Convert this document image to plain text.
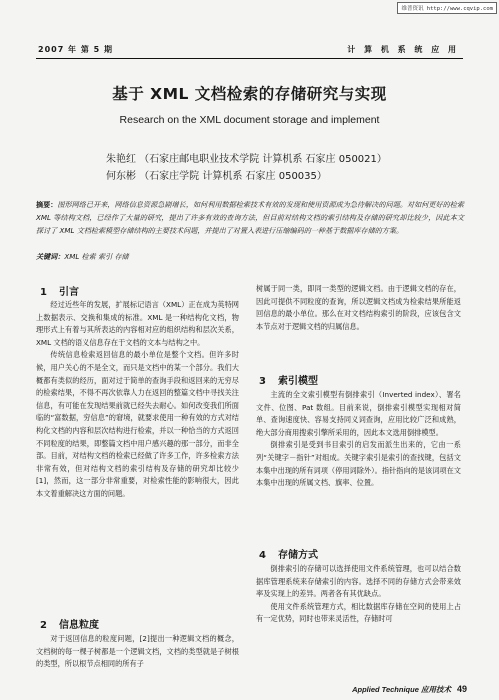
维普资讯 http://www.cqvip.com
2007 年 第 5 期	计 算 机 系 统 应 用
基于 XML 文档检索的存储研究与实现
Research on the XML document storage and implement
朱艳红 （石家庄邮电职业技术学院 计算机系 石家庄 050021）
何东彬 （石家庄学院 计算机系 石家庄 050035）
摘要：图形网络已开来，网络信息资源急剧增长，如何利用数据检索技术有效的发现和使用资源成为急待解决的问题。对如何更好的检索 XML 等结构文档，已经作了大量的研究，提出了许多有效的查询方法，但目前对结构文档的索引结构及存储的研究却比较少，因此本文探讨了 XML 文档检索模型存储结构的主要技术问题，并提出了对置入表进行压缩编码的一种基于数据库存储的方案。
关键词：XML 检索 索引 存储
1 引言
经过近些年的发展，扩展标记语言（XML）正在成为英特网上数据表示、交换和集成的标准。XML 是一种结构化文档，物理形式上有着与其所表达的内容相对应的组织结构和层次关系，XML 文档的语义信息存在于文档的文本与结构之中。
传统信息检索返回信息的最小单位是整个文档。但许多时候，用户关心的不是全文，而只是文档中的某一个部分。我们大概都有类似的经历，面对过于简单的查询手段和返回来的无穷尽的检索结果，不得不再次依靠人力在返回的整篇文档中寻找关注信息，有可能在发现结果前就已经失去耐心。如何改变我们所面临的“富数据，穷信息”的窘境，就要求使用一种有效的方式对结构化文档的内容和层次结构进行检索，并以一种恰当的方式返回不同粒度的结果，即整篇文档中用户感兴趣的那一部分，而非全部。目前，对结构文档的检索已经做了许多工作，许多检索方法非常有效，但对结构文档的索引结构及存储的研究却比较少[1]，然而，这一部分非常重要，对检索性能的影响很大，因此本文着重解决这方面的问题。
2 信息粒度
对于返回信息的粒度问题，[2]提出一种逻辑文档的概念，文档树的每一棵子树都是一个逻辑文档，文档的类型就是子树根的类型，所以根节点相同的所有子
树属于同一类，即同一类型的逻辑文档。由于逻辑文档的存在，因此可提供不同粒度的查询，所以逻辑文档成为检索结果所能返回信息的最小单位。那么在对文档结构索引的阶段，应该包含文本节点对于逻辑文档的归属信息。
3 索引模型
主流的全文索引模型有倒排索引（Inverted index）、署名文件、位图、Pat 数组。目前来说，倒排索引模型实现相对简单、查询速度快、容易支持同义词查询，应用比较广泛和成熟，绝大部分商用搜索引擎所采用的，因此本文选用倒排模型。
倒排索引是受到书目索引的启发而派生出来的，它由一系列“关键字－指针”对组成。关键字索引是索引的查找键，包括文本集中出现的所有词项（停用词除外）。指针指向的是该词项在文本集中出现的所属文档、旗率、位置。
4 存储方式
倒排索引的存储可以选择使用文件系统管理，也可以结合数据库管理系统来存储索引的内容。选择不同的存储方式会带来效率及实现上的差异。两者各有其优缺点。
使用文件系统管理方式，相比数据库存储在空间的使用上占有一定优势，同时也带来灵活性，存储时可
Applied Technique 应用技术 49
